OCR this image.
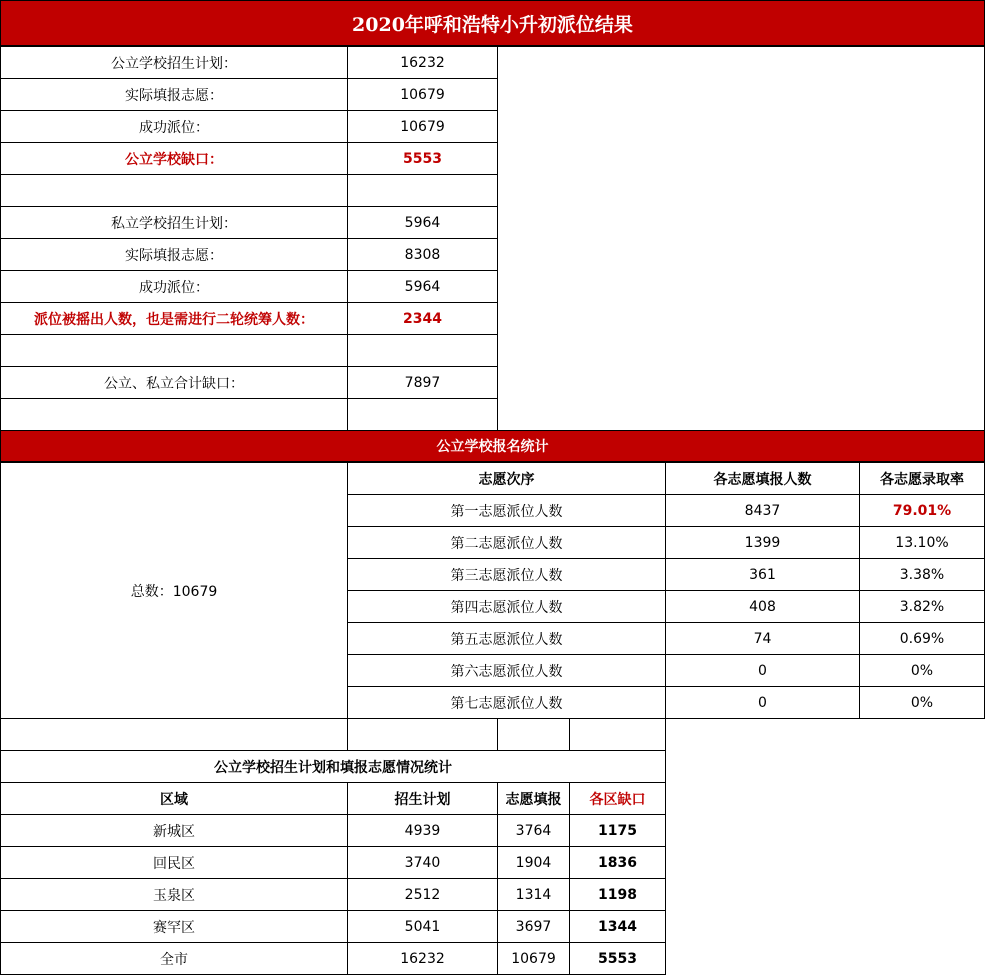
2020年呼和浩特小升初派位结果
公立学校招生计划：	16232
实际填报志愿：	10679
成功派位：	10679
公立学校缺口：	5553
私立学校招生计划：	5964
实际填报志愿：	8308
成功派位：	5964
派位被摇出人数，也是需进行二轮统筹人数：	2344
公立、私立合计缺口：	7897
公立学校报名统计
总数：10679
志愿次序	各志愿填报人数	各志愿录取率
第一志愿派位人数	8437	79.01%
第二志愿派位人数	1399	13.10%
第三志愿派位人数	361	3.38%
第四志愿派位人数	408	3.82%
第五志愿派位人数	74	0.69%
第六志愿派位人数	0	0%
第七志愿派位人数	0	0%
公立学校招生计划和填报志愿情况统计
区域	招生计划	志愿填报	各区缺口
新城区	4939	3764	1175
回民区	3740	1904	1836
玉泉区	2512	1314	1198
赛罕区	5041	3697	1344
全市	16232	10679	5553
